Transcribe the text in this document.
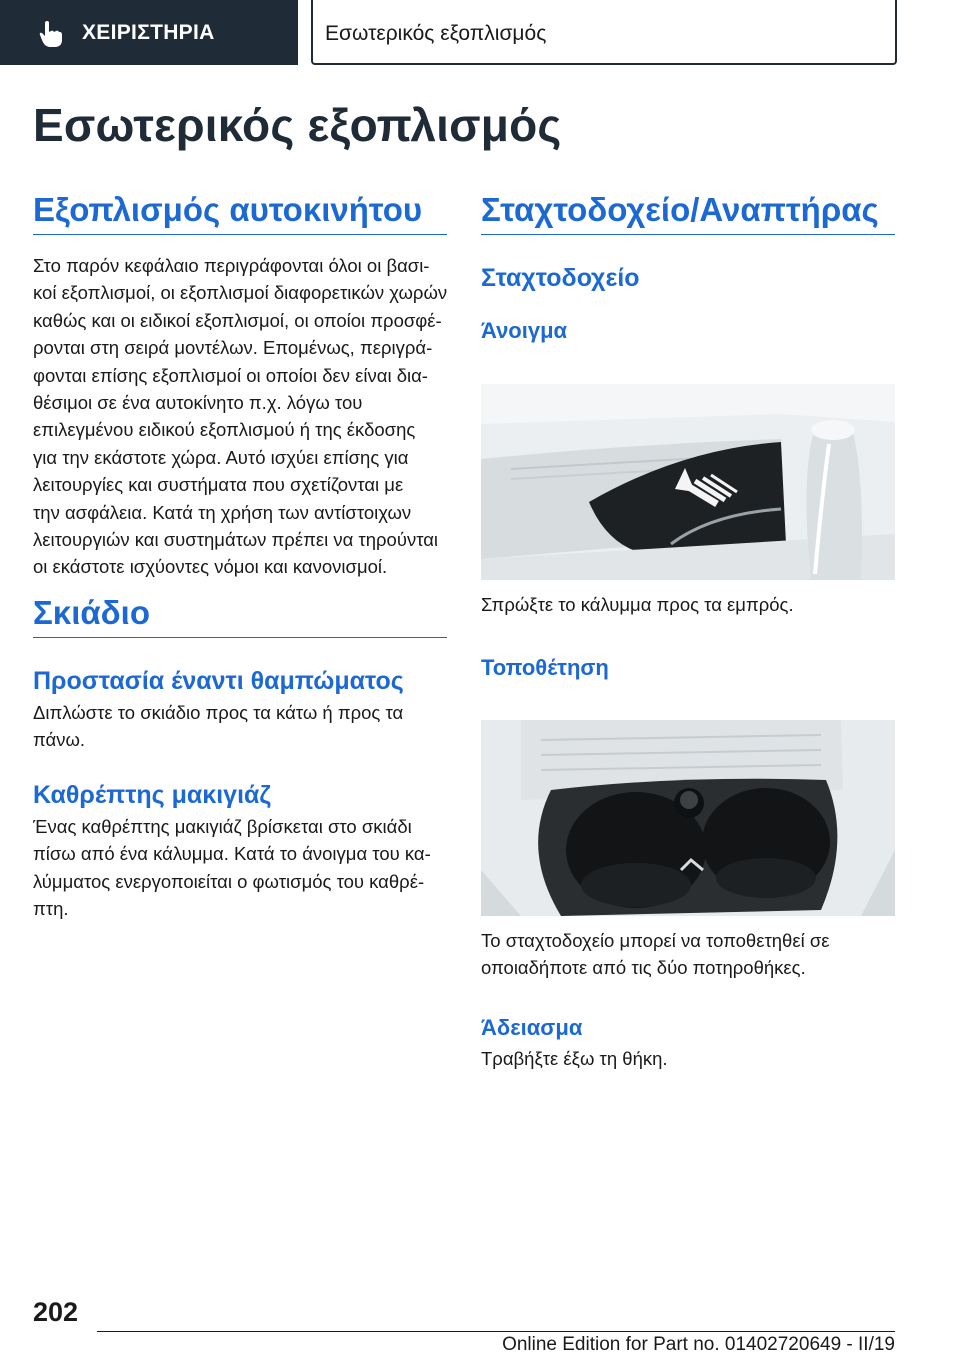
ΧΕΙΡΙΣΤΗΡΙΑ	Εσωτερικός εξοπλισμός
Εσωτερικός εξοπλισμός
Εξοπλισμός αυτοκινήτου

Στο παρόν κεφάλαιο περιγράφονται όλοι οι βασι-
κοί εξοπλισμοί, οι εξοπλισμοί διαφορετικών χωρών
καθώς και οι ειδικοί εξοπλισμοί, οι οποίοι προσφέ-
ρονται στη σειρά μοντέλων. Επομένως, περιγρά-
φονται επίσης εξοπλισμοί οι οποίοι δεν είναι δια-
θέσιμοι σε ένα αυτοκίνητο π.χ. λόγω του
επιλεγμένου ειδικού εξοπλισμού ή της έκδοσης
για την εκάστοτε χώρα. Αυτό ισχύει επίσης για
λειτουργίες και συστήματα που σχετίζονται με
την ασφάλεια. Κατά τη χρήση των αντίστοιχων
λειτουργιών και συστημάτων πρέπει να τηρούνται
οι εκάστοτε ισχύοντες νόμοι και κανονισμοί.

Σκιάδιο
Προστασία έναντι θαμπώματος

Διπλώστε το σκιάδιο προς τα κάτω ή προς τα
πάνω.

Καθρέπτης μακιγιάζ

Ένας καθρέπτης μακιγιάζ βρίσκεται στο σκιάδι
πίσω από ένα κάλυμμα. Κατά το άνοιγμα του κα-
λύμματος ενεργοποιείται ο φωτισμός του καθρέ-
πτη.

Σταχτοδοχείο/Αναπτήρας
Σταχτοδοχείο
Άνοιγμα

Σπρώξτε το κάλυμμα προς τα εμπρός.

Τοποθέτηση

Το σταχτοδοχείο μπορεί να τοποθετηθεί σε
οποιαδήποτε από τις δύο ποτηροθήκες.

Άδειασμα

Τραβήξτε έξω τη θήκη.

202
Online Edition for Part no. 01402720649 - II/19
